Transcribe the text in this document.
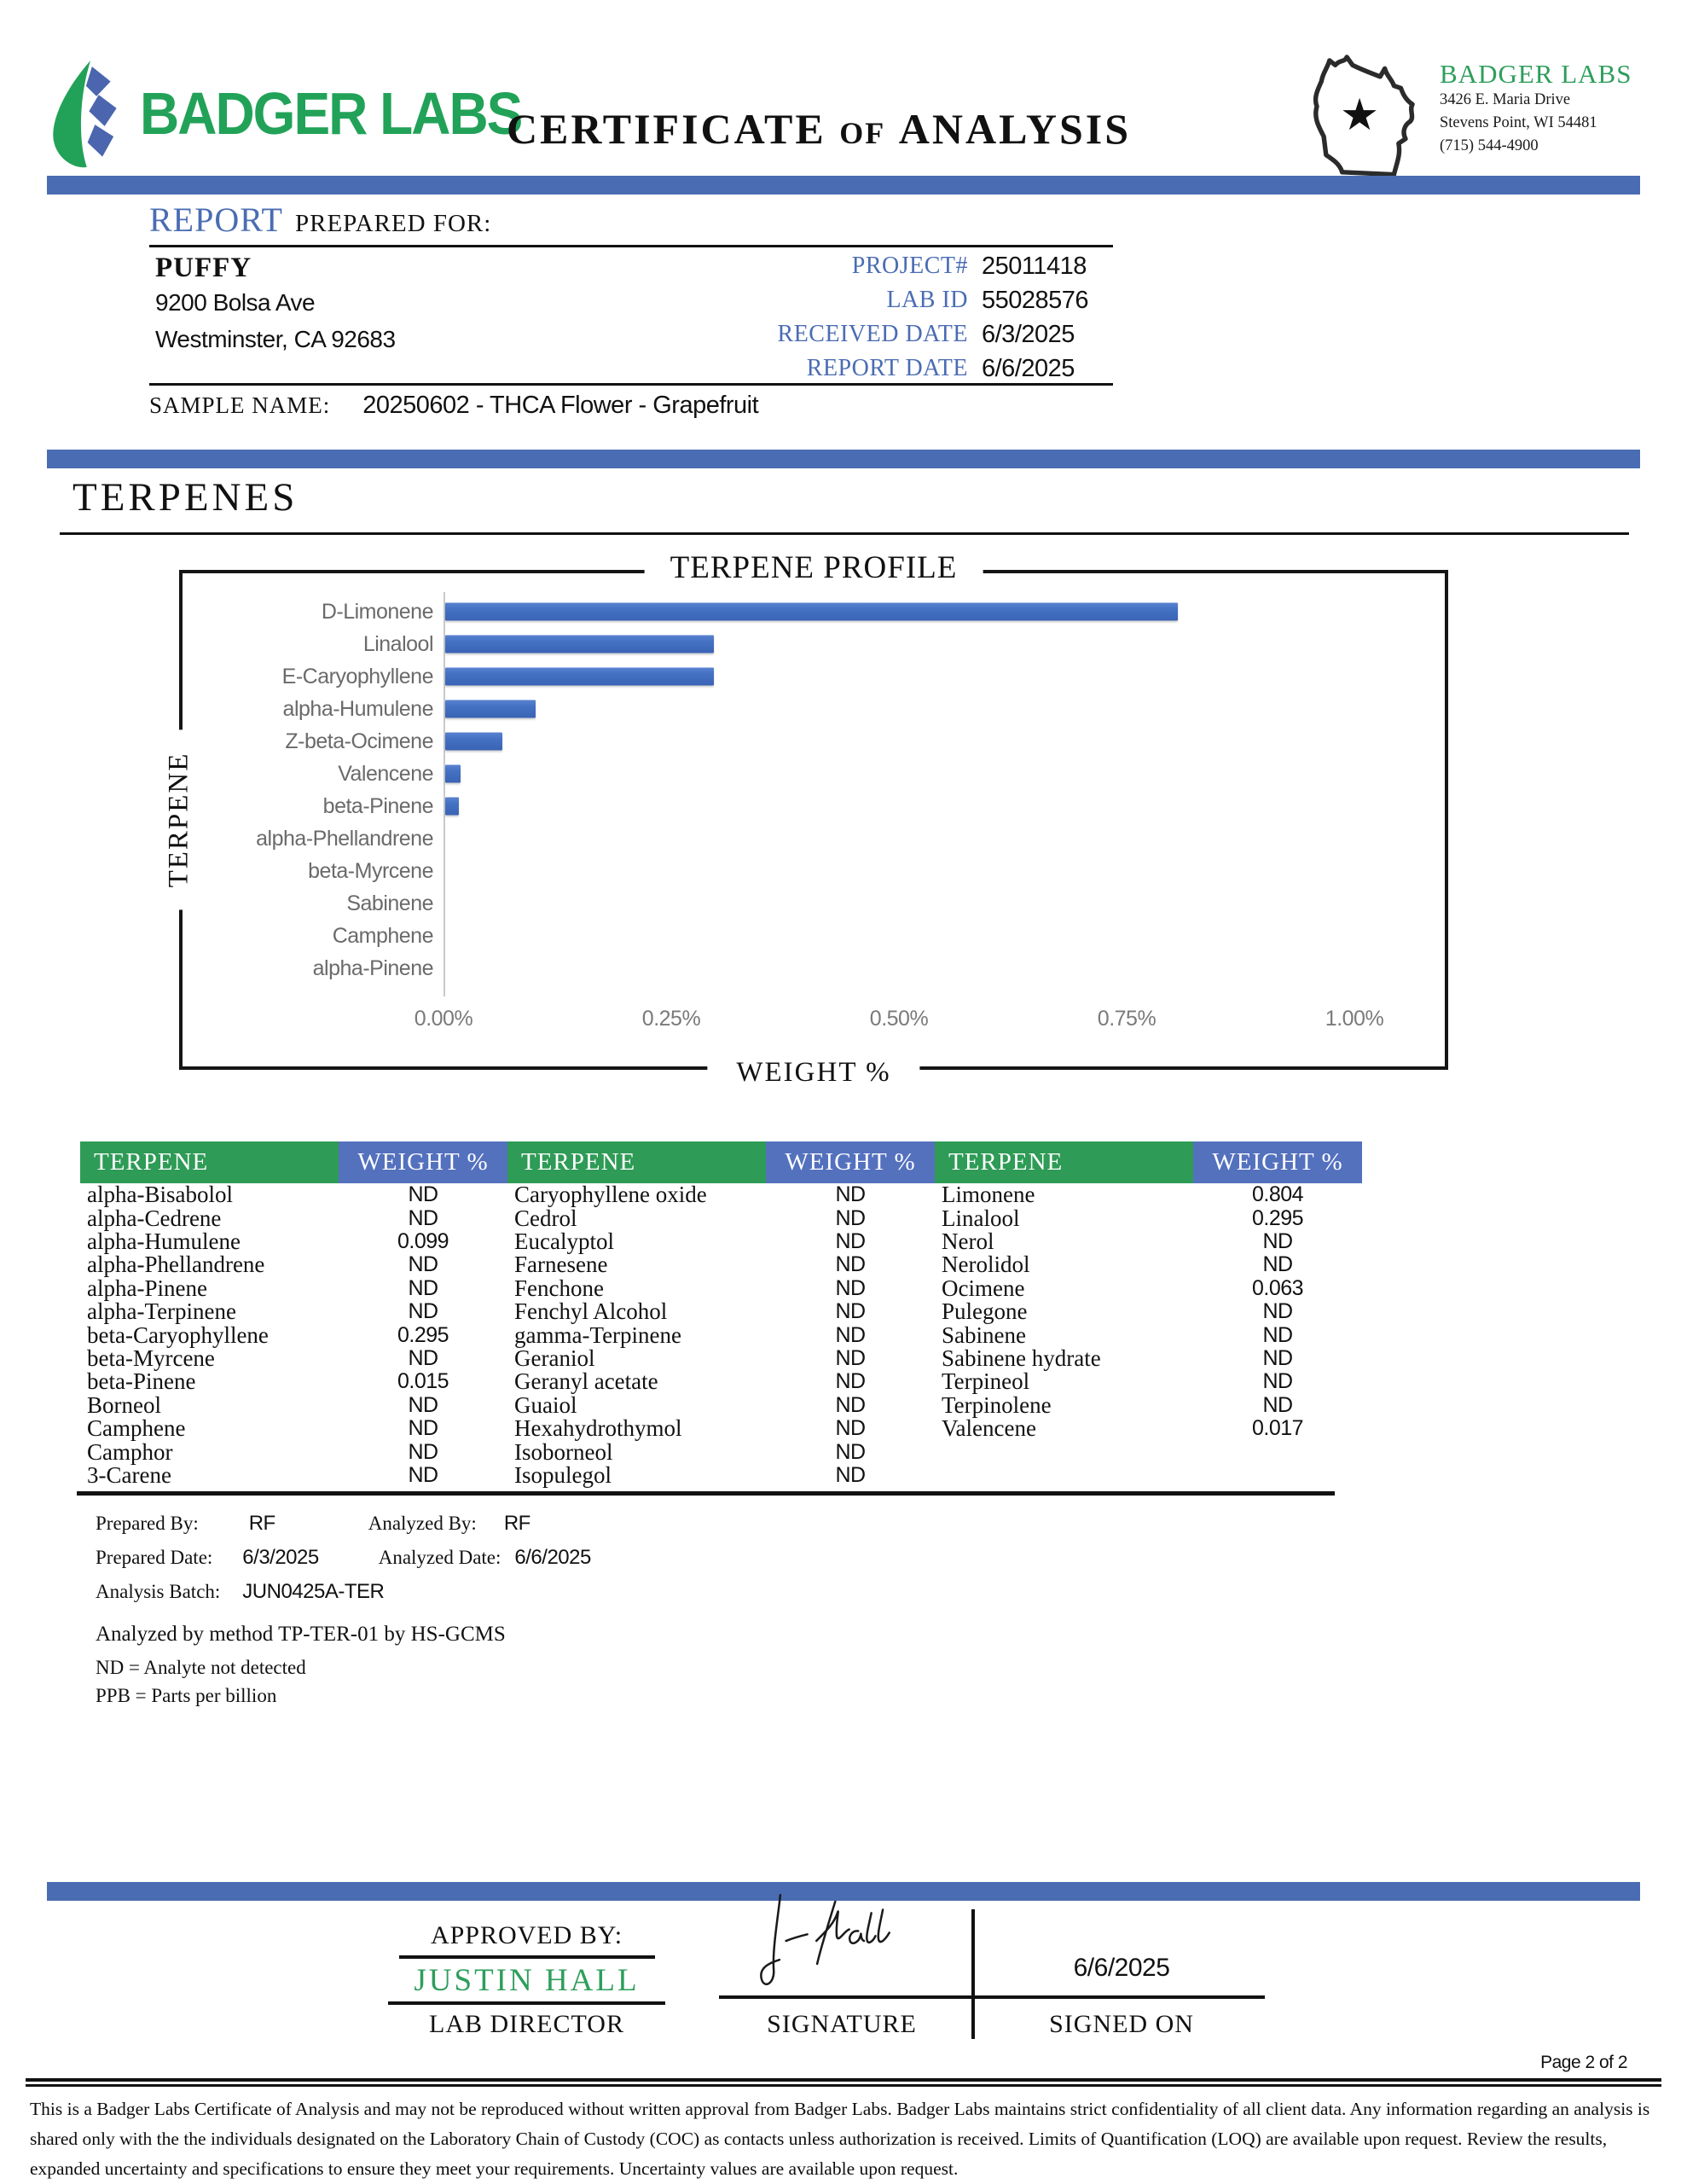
BADGER LABS
CERTIFICATE OF ANALYSIS	★
BADGER LABS
3426 E. Maria Drive
Stevens Point, WI 54481
(715) 544-4900
REPORT PREPARED FOR:
PUFFY
9200 Bolsa Ave
Westminster, CA 92683
PROJECT# 25011418
LAB ID 55028576
RECEIVED DATE 6/3/2025
REPORT DATE 6/6/2025
SAMPLE NAME: 20250602 - THCA Flower - Grapefruit
TERPENES
TERPENE PROFILE
TERPENE
WEIGHT %
D-Limonene
Linalool
E-Caryophyllene
alpha-Humulene
Z-beta-Ocimene
Valencene
beta-Pinene
alpha-Phellandrene
beta-Myrcene
Sabinene
Camphene
alpha-Pinene
0.00%	0.25%	0.50%	0.75%	1.00%
TERPENE	WEIGHT %
alpha-Bisabolol	ND
alpha-Cedrene	ND
alpha-Humulene	0.099
alpha-Phellandrene	ND
alpha-Pinene	ND
alpha-Terpinene	ND
beta-Caryophyllene	0.295
beta-Myrcene	ND
beta-Pinene	0.015
Borneol	ND
Camphene	ND
Camphor	ND
3-Carene	ND
TERPENE	WEIGHT %
Caryophyllene oxide	ND
Cedrol	ND
Eucalyptol	ND
Farnesene	ND
Fenchone	ND
Fenchyl Alcohol	ND
gamma-Terpinene	ND
Geraniol	ND
Geranyl acetate	ND
Guaiol	ND
Hexahydrothymol	ND
Isoborneol	ND
Isopulegol	ND
TERPENE	WEIGHT %
Limonene	0.804
Linalool	0.295
Nerol	ND
Nerolidol	ND
Ocimene	0.063
Pulegone	ND
Sabinene	ND
Sabinene hydrate	ND
Terpineol	ND
Terpinolene	ND
Valencene	0.017
Prepared By: RF	Analyzed By: RF
Prepared Date: 6/3/2025	Analyzed Date: 6/6/2025
Analysis Batch: JUN0425A-TER
Analyzed by method TP-TER-01 by HS-GCMS
ND = Analyte not detected
PPB = Parts per billion
APPROVED BY:
JUSTIN HALL
LAB DIRECTOR
6/6/2025
SIGNATURE	SIGNED ON
Page 2 of 2
This is a Badger Labs Certificate of Analysis and may not be reproduced without written approval from Badger Labs. Badger Labs maintains strict confidentiality of all client data. Any information regarding an analysis is shared only with the the individuals designated on the Laboratory Chain of Custody (COC) as contacts unless authorization is received. Limits of Quantification (LOQ) are available upon request. Review the results, expanded uncertainty and specifications to ensure they meet your requirements. Uncertainty values are available upon request.
